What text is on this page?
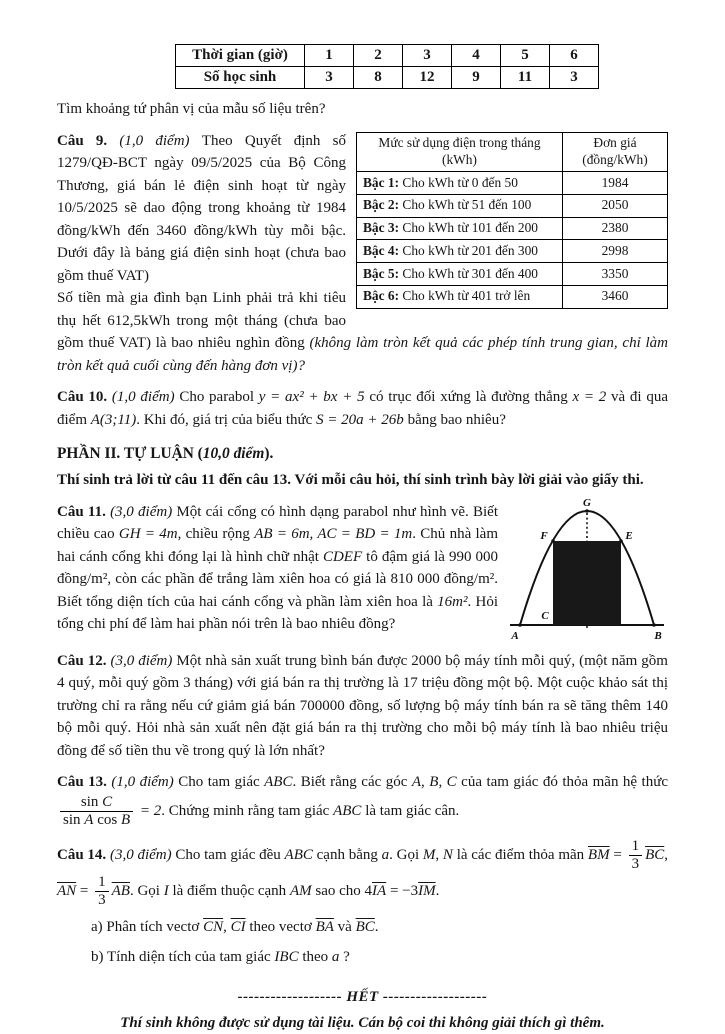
Thời gian (giờ)	1	2	3	4	5	6
Số học sinh	3	8	12	9	11	3

Tìm khoảng tứ phân vị của mẫu số liệu trên?

Mức sử dụng điện trong tháng (kWh)	Đơn giá (đồng/kWh)
Bậc 1: Cho kWh từ 0 đến 50	1984
Bậc 2: Cho kWh từ 51 đến 100	2050
Bậc 3: Cho kWh từ 101 đến 200	2380
Bậc 4: Cho kWh từ 201 đến 300	2998
Bậc 5: Cho kWh từ 301 đến 400	3350
Bậc 6: Cho kWh từ 401 trở lên	3460

Câu 9. (1,0 điểm) Theo Quyết định số 1279/QĐ-BCT ngày 09/5/2025 của Bộ Công Thương, giá bán lẻ điện sinh hoạt từ ngày 10/5/2025 sẽ dao động trong khoảng từ 1984 đồng/kWh đến 3460 đồng/kWh tùy mỗi bậc. Dưới đây là bảng giá điện sinh hoạt (chưa bao gồm thuế VAT)

Số tiền mà gia đình bạn Linh phải trả khi tiêu thụ hết 612,5kWh trong một tháng (chưa bao gồm thuế VAT) là bao nhiêu nghìn đồng (không làm tròn kết quả các phép tính trung gian, chỉ làm tròn kết quả cuối cùng đến hàng đơn vị)?

Câu 10. (1,0 điểm) Cho parabol y = ax² + bx + 5 có trục đối xứng là đường thẳng x = 2 và đi qua điểm A(3;11). Khi đó, giá trị của biểu thức S = 20a + 26b bằng bao nhiêu?

PHẦN II. TỰ LUẬN (10,0 điểm).

Thí sinh trả lời từ câu 11 đến câu 13. Với mỗi câu hỏi, thí sinh trình bày lời giải vào giấy thi.

G
F	E
C
A	B

Câu 11. (3,0 điểm) Một cái cổng có hình dạng parabol như hình vẽ. Biết chiều cao GH = 4m, chiều rộng AB = 6m, AC = BD = 1m. Chủ nhà làm hai cánh cổng khi đóng lại là hình chữ nhật CDEF tô đậm giá là 990 000 đồng/m², còn các phần để trắng làm xiên hoa có giá là 810 000 đồng/m². Biết tổng diện tích của hai cánh cổng và phần làm xiên hoa là 16m². Hỏi tổng chi phí để làm hai phần nói trên là bao nhiêu đồng?

Câu 12. (3,0 điểm) Một nhà sản xuất trung bình bán được 2000 bộ máy tính mỗi quý, (một năm gồm 4 quý, mỗi quý gồm 3 tháng) với giá bán ra thị trường là 17 triệu đồng một bộ. Một cuộc khảo sát thị trường chỉ ra rằng nếu cứ giảm giá bán 700000 đồng, số lượng bộ máy tính bán ra sẽ tăng thêm 140 bộ mỗi quý. Hỏi nhà sản xuất nên đặt giá bán ra thị trường cho mỗi bộ máy tính là bao nhiêu triệu đồng để số tiền thu về trong quý là lớn nhất?

Câu 13. (1,0 điểm) Cho tam giác ABC. Biết rằng các góc A, B, C của tam giác đó thỏa mãn hệ thức
$\frac{\text{sin C}}{\text{sin A cos B}} = 2$. Chứng minh rằng tam giác ABC là tam giác cân.

Câu 14. (3,0 điểm) Cho tam giác đều ABC cạnh bằng a. Gọi M, N là các điểm thỏa mãn $\overline{BM} = \frac{1}{3} \overline{BC}$, $\overline{AN} = \frac{1}{3} \overline{AB}$. Gọi I là điểm thuộc cạnh AM sao cho $4\overline{IA} = -3\overline{IM}$.

a) Phân tích vectơ $\overline{CN}$, $\overline{CI}$ theo vectơ $\overline{BA}$ và $\overline{BC}$.

b) Tính diện tích của tam giác IBC theo a ?

------------------- HẾT -------------------

Thí sinh không được sử dụng tài liệu. Cán bộ coi thi không giải thích gì thêm.
